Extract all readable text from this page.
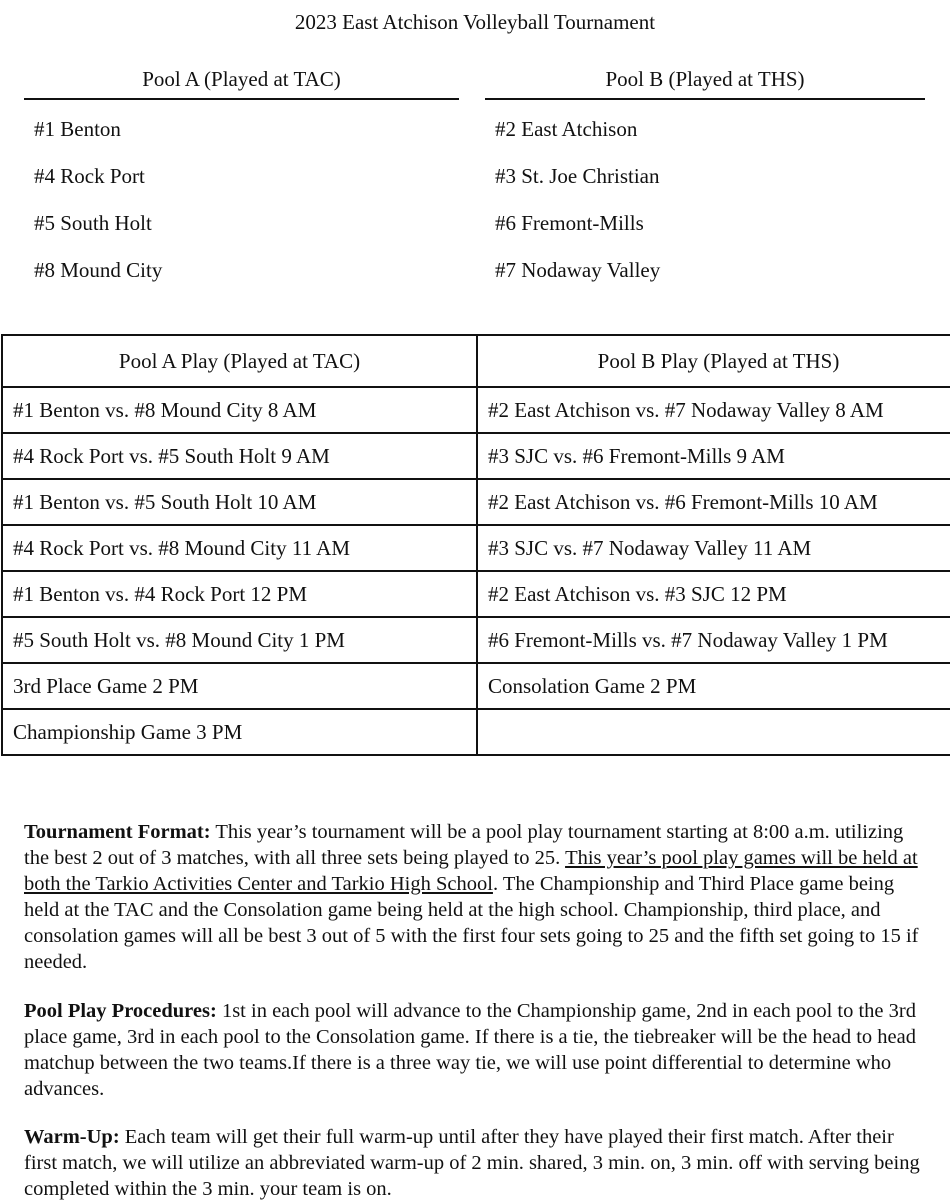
2023 East Atchison Volleyball Tournament
Pool A (Played at TAC)
#1 Benton
#4 Rock Port
#5 South Holt
#8 Mound City
Pool B (Played at THS)
#2 East Atchison
#3 St. Joe Christian
#6 Fremont-Mills
#7 Nodaway Valley
Pool A Play (Played at TAC)	Pool B Play (Played at THS)
#1 Benton vs. #8 Mound City 8 AM	#2 East Atchison vs. #7 Nodaway Valley 8 AM
#4 Rock Port vs. #5 South Holt 9 AM	#3 SJC vs. #6 Fremont-Mills 9 AM
#1 Benton vs. #5 South Holt 10 AM	#2 East Atchison vs. #6 Fremont-Mills 10 AM
#4 Rock Port vs. #8 Mound City 11 AM	#3 SJC vs. #7 Nodaway Valley 11 AM
#1 Benton vs. #4 Rock Port 12 PM	#2 East Atchison vs. #3 SJC 12 PM
#5 South Holt vs. #8 Mound City 1 PM	#6 Fremont-Mills vs. #7 Nodaway Valley 1 PM
3rd Place Game 2 PM	Consolation Game 2 PM
Championship Game 3 PM	
Tournament Format: This year’s tournament will be a pool play tournament starting at 8:00 a.m. utilizing the best 2 out of 3 matches, with all three sets being played to 25. This year’s pool play games will be held at both the Tarkio Activities Center and Tarkio High School. The Championship and Third Place game being held at the TAC and the Consolation game being held at the high school. Championship, third place, and consolation games will all be best 3 out of 5 with the first four sets going to 25 and the fifth set going to 15 if needed.
Pool Play Procedures: 1st in each pool will advance to the Championship game, 2nd in each pool to the 3rd place game, 3rd in each pool to the Consolation game. If there is a tie, the tiebreaker will be the head to head matchup between the two teams.If there is a three way tie, we will use point differential to determine who advances.
Warm-Up: Each team will get their full warm-up until after they have played their first match. After their first match, we will utilize an abbreviated warm-up of 2 min. shared, 3 min. on, 3 min. off with serving being completed within the 3 min. your team is on.
